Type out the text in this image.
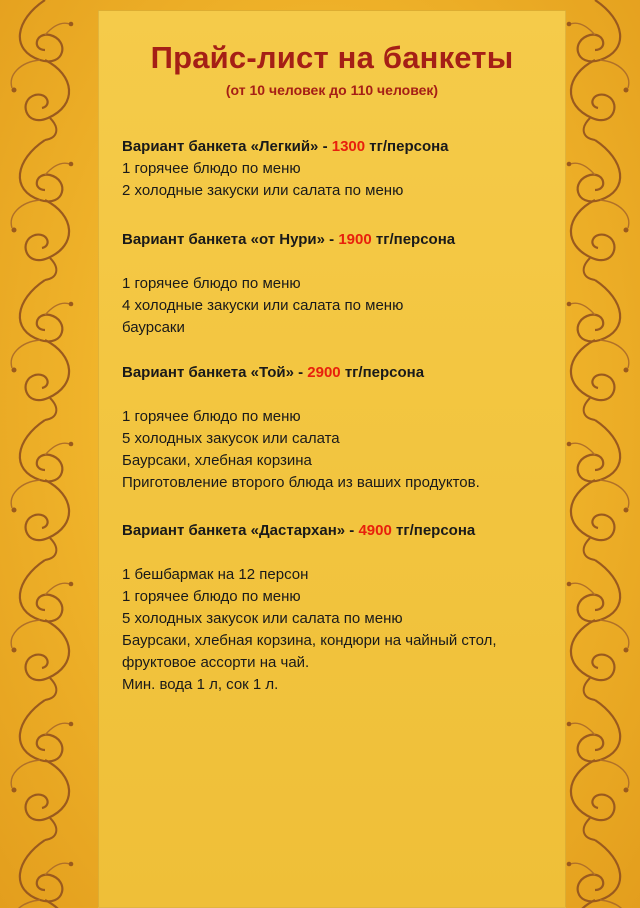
Прайс-лист на банкеты
(от 10 человек до 110 человек)
Вариант банкета «Легкий» - 1300 тг/персона
1 горячее блюдо по меню
2 холодные закуски или салата по меню
Вариант банкета «от Нури» - 1900 тг/персона
1 горячее блюдо по меню
4 холодные закуски или салата по меню
баурсаки
Вариант банкета «Той» - 2900 тг/персона
1 горячее блюдо по меню
5 холодных закусок или салата
Баурсаки, хлебная корзина
Приготовление второго блюда из ваших продуктов.
Вариант банкета «Дастархан» - 4900 тг/персона
1 бешбармак на 12 персон
1 горячее блюдо по меню
5 холодных закусок или салата по меню
Баурсаки, хлебная корзина, кондюри на чайный стол,
фруктовое ассорти на чай.
Мин. вода 1 л, сок 1 л.
